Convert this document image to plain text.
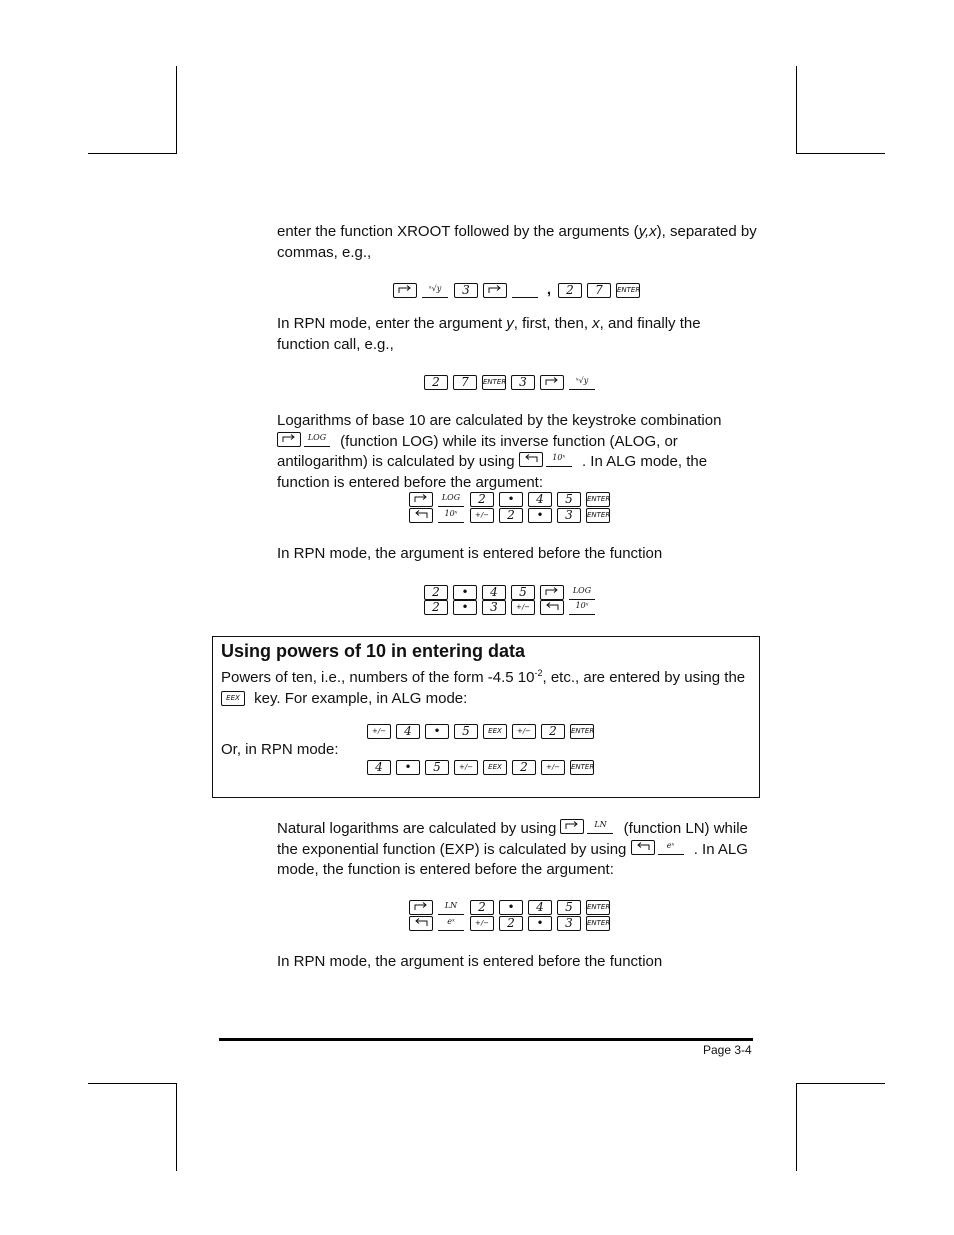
enter the function XROOT followed by the arguments (y,x), separated by commas, e.g.,
ˣ√y 3	, 2 7 ENTER
In RPN mode, enter the argument y, first, then, x, and finally the function call, e.g.,
2 7 ENTER 3	ˣ√y
Logarithms of base 10 are calculated by the keystroke combination
LOG (function LOG) while its inverse function (ALOG, or antilogarithm) is calculated by using	10ˣ . In ALG mode, the function is entered before the argument:
LOG 2 • 4 5 ENTER
10ˣ +/− 2 • 3 ENTER
In RPN mode, the argument is entered before the function
2 • 4 5	LOG
2 • 3	+/−	10ˣ
Using powers of 10 in entering data
Powers of ten, i.e., numbers of the form -4.5 $10^{-2}$, etc., are entered by using the EEX key. For example, in ALG mode:
+/− 4 • 5	EEX +/− 2 ENTER
Or, in RPN mode:
4 • 5	+/− EEX 2	+/− ENTER
Natural logarithms are calculated by using	LN (function LN) while the exponential function (EXP) is calculated by using	eˣ . In ALG mode, the function is entered before the argument:
LN 2 • 4 5 ENTER
eˣ	+/− 2 • 3 ENTER
In RPN mode, the argument is entered before the function
Page 3-4
